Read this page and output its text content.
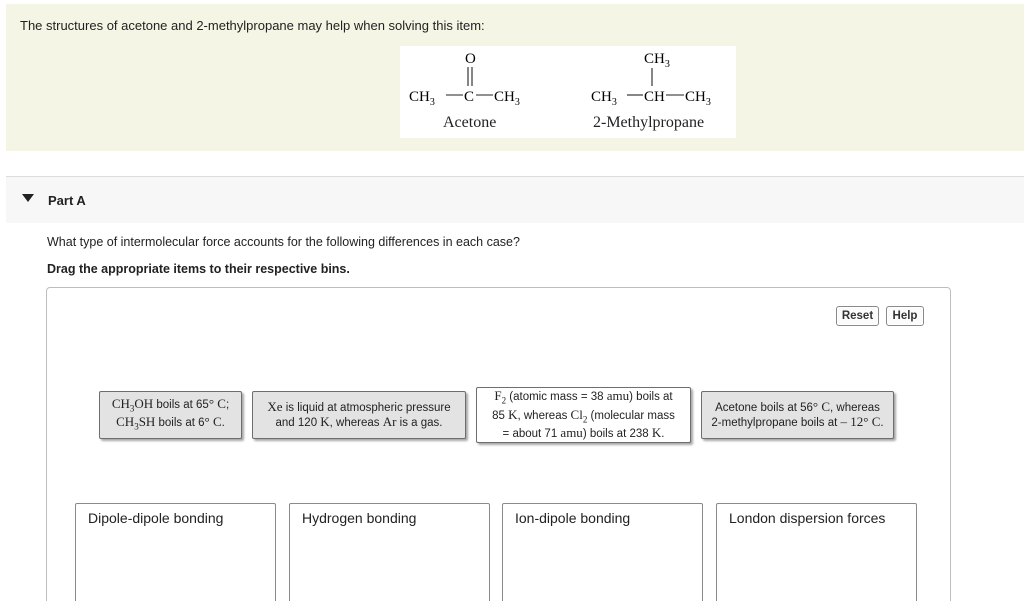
The structures of acetone and 2-methylpropane may help when solving this item:
O
$CH_3$ C $CH_3$
$CH_3$
$CH_3$ CH $CH_3$
Acetone	2-Methylpropane
Part A
What type of intermolecular force accounts for the following differences in each case?
Drag the appropriate items to their respective bins.
Reset	Help
$CH_3OH$ boils at 65° C;
$CH_3SH$ boils at 6° C.
Xe is liquid at atmospheric pressure
and 120 K, whereas Ar is a gas.
$F_2$ (atomic mass = 38 amu) boils at
85 K, whereas $Cl_2$ (molecular mass
= about 71 amu) boils at 238 K.
Acetone boils at 56° C, whereas
2-methylpropane boils at – 12° C.
Dipole-dipole bonding	Hydrogen bonding	Ion-dipole bonding	London dispersion forces
